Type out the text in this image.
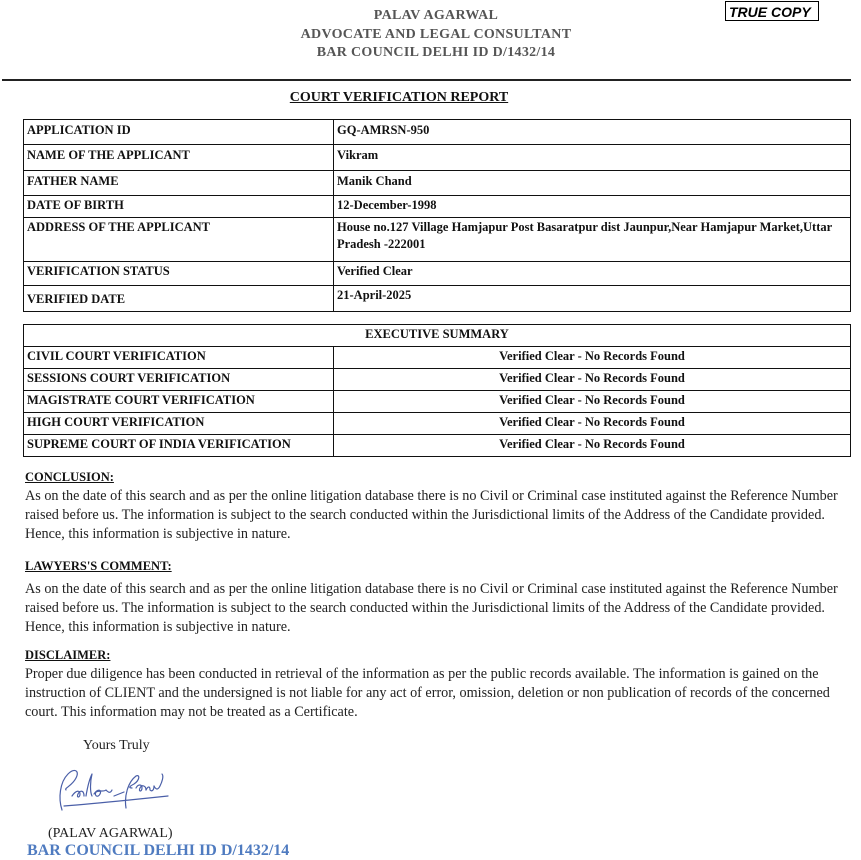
TRUE COPY
PALAV AGARWAL
ADVOCATE AND LEGAL CONSULTANT
BAR COUNCIL DELHI ID D/1432/14
COURT VERIFICATION REPORT
APPLICATION ID	GQ-AMRSN-950
NAME OF THE APPLICANT	Vikram
FATHER NAME	Manik Chand
DATE OF BIRTH	12-December-1998
ADDRESS OF THE APPLICANT	House no.127 Village Hamjapur Post Basaratpur dist Jaunpur,Near Hamjapur Market,Uttar Pradesh -222001
VERIFICATION STATUS	Verified Clear
VERIFIED DATE	21-April-2025
EXECUTIVE SUMMARY	
CIVIL COURT VERIFICATION	Verified Clear - No Records Found
SESSIONS COURT VERIFICATION	Verified Clear - No Records Found
MAGISTRATE COURT VERIFICATION	Verified Clear - No Records Found
HIGH COURT VERIFICATION	Verified Clear - No Records Found
SUPREME COURT OF INDIA VERIFICATION	Verified Clear - No Records Found
CONCLUSION:
As on the date of this search and as per the online litigation database there is no Civil or Criminal case instituted against the Reference Number raised before us. The information is subject to the search conducted within the Jurisdictional limits of the Address of the Candidate provided. Hence, this information is subjective in nature.
LAWYERS'S COMMENT:
As on the date of this search and as per the online litigation database there is no Civil or Criminal case instituted against the Reference Number raised before us. The information is subject to the search conducted within the Jurisdictional limits of the Address of the Candidate provided. Hence, this information is subjective in nature.
DISCLAIMER:
Proper due diligence has been conducted in retrieval of the information as per the public records available. The information is gained on the instruction of CLIENT and the undersigned is not liable for any act of error, omission, deletion or non publication of records of the concerned court. This information may not be treated as a Certificate.
Yours Truly
(PALAV AGARWAL)
BAR COUNCIL DELHI ID D/1432/14
